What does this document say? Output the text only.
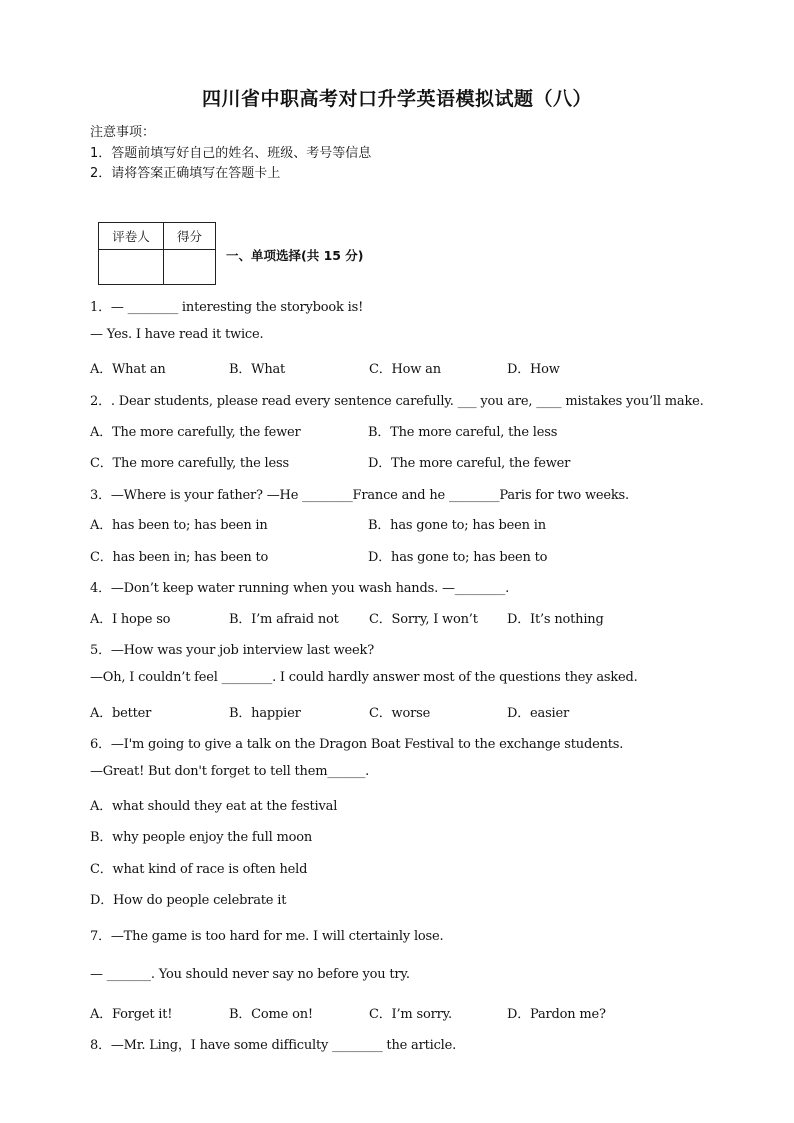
四川省中职高考对口升学英语模拟试题（八）
注意事项：
1．答题前填写好自己的姓名、班级、考号等信息
2．请将答案正确填写在答题卡上
评卷人	得分

一、单项选择(共 15 分)
1．— ________ interesting the storybook is!
— Yes. I have read it twice.
A．What an	B．What	C．How an	D．How
2．. Dear students, please read every sentence carefully. ___ you are, ____ mistakes you’ll make.
A．The more carefully, the fewer	B．The more careful, the less
C．The more carefully, the less	D．The more careful, the fewer
3．—Where is your father? —He ________France and he ________Paris for two weeks.
A．has been to; has been in	B．has gone to; has been in
C．has been in; has been to	D．has gone to; has been to
4．—Don’t keep water running when you wash hands. —________.
A．I hope so	B．I’m afraid not C．Sorry, I won’t D．It’s nothing
5．—How was your job interview last week?
—Oh, I couldn’t feel ________. I could hardly answer most of the questions they asked.
A．better	B．happier	C．worse	D．easier
6．—I'm going to give a talk on the Dragon Boat Festival to the exchange students.
—Great! But don't forget to tell them______.
A．what should they eat at the festival
B．why people enjoy the full moon
C．what kind of race is often held
D．How do people celebrate it
7．—The game is too hard for me. I will ctertainly lose.
— _______. You should never say no before you try.
A．Forget it!	B．Come on!	C．I’m sorry.	D．Pardon me?
8．—Mr. Ling，I have some difficulty ________ the article.
